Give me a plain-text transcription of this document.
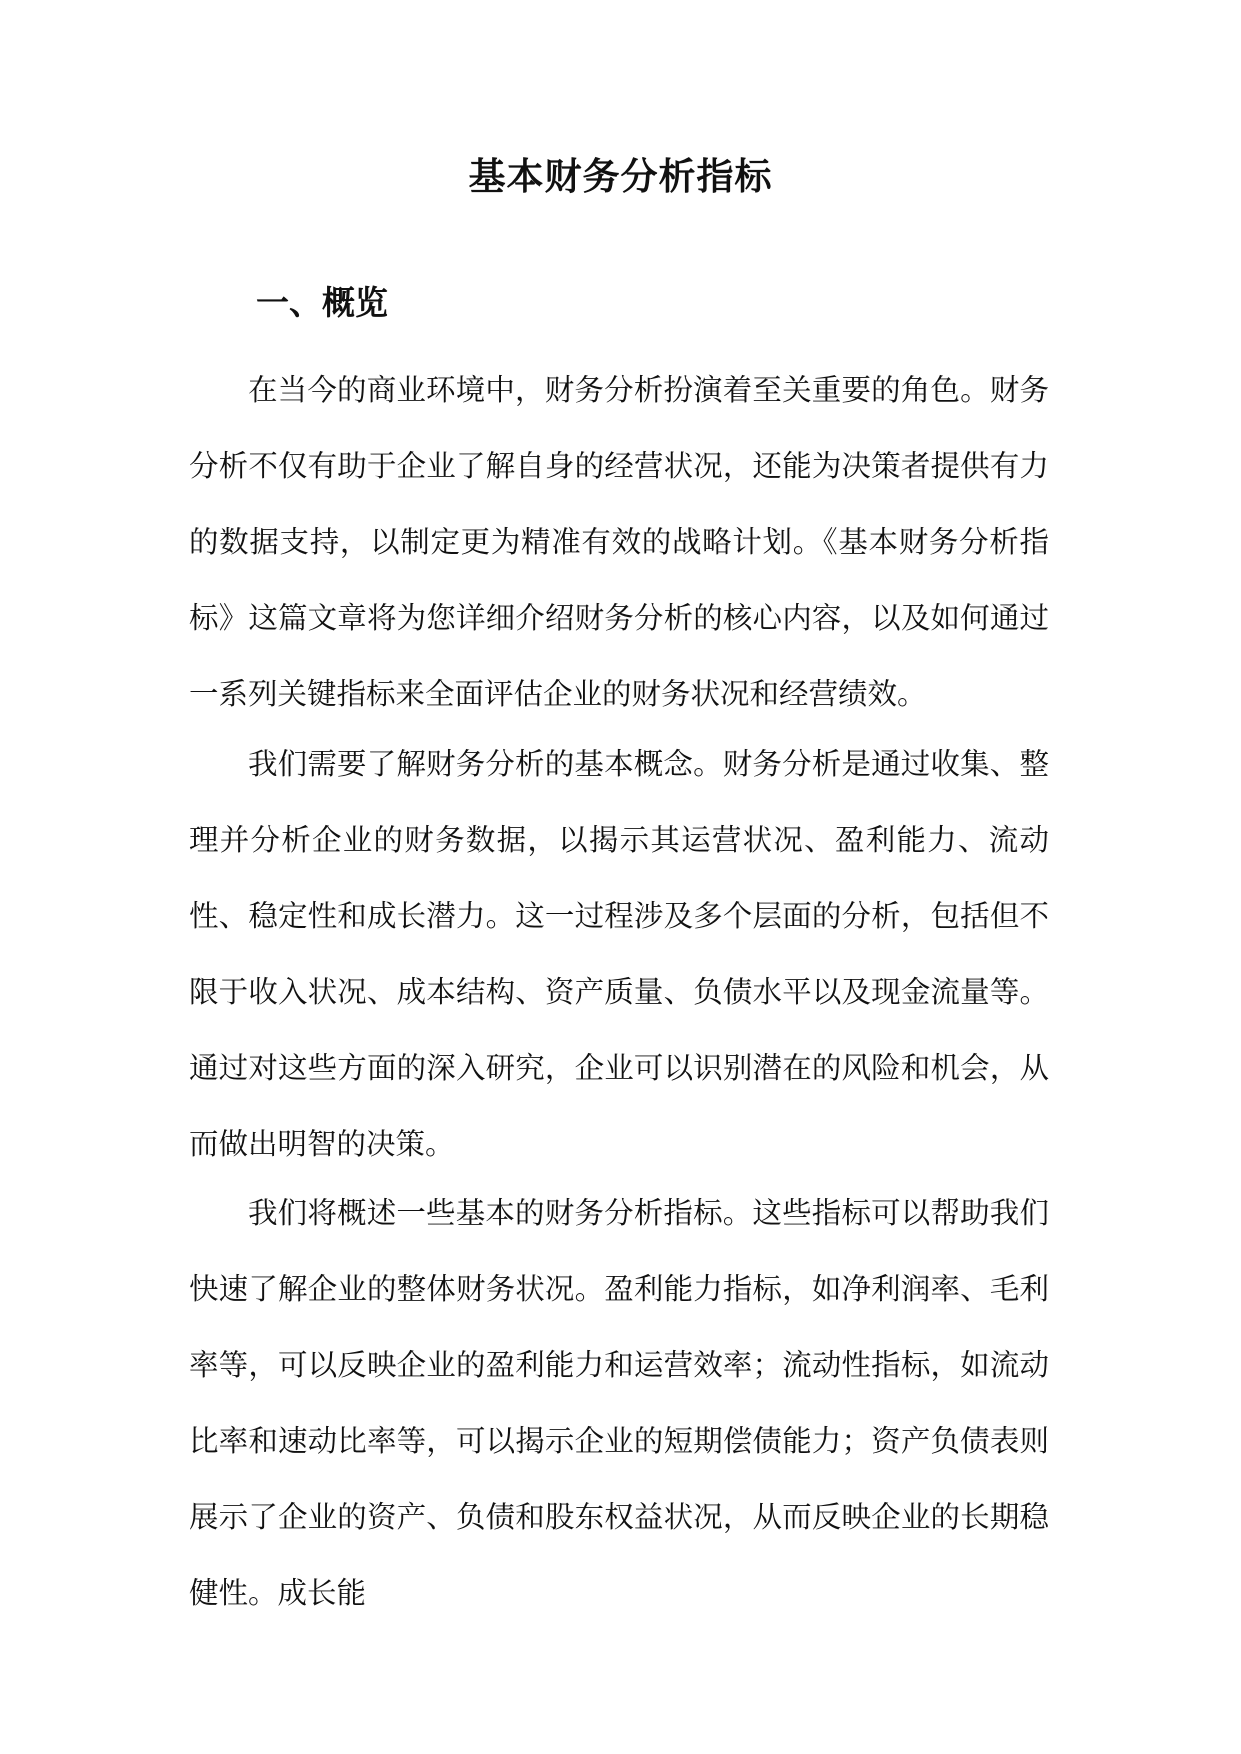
基本财务分析指标
一、概览

在当今的商业环境中，财务分析扮演着至关重要的角色。财务分析不仅有助于企业了解自身的经营状况，还能为决策者提供有力的数据支持，以制定更为精准有效的战略计划。《基本财务分析指标》这篇文章将为您详细介绍财务分析的核心内容，以及如何通过一系列关键指标来全面评估企业的财务状况和经营绩效。

我们需要了解财务分析的基本概念。财务分析是通过收集、整理并分析企业的财务数据，以揭示其运营状况、盈利能力、流动性、稳定性和成长潜力。这一过程涉及多个层面的分析，包括但不限于收入状况、成本结构、资产质量、负债水平以及现金流量等。通过对这些方面的深入研究，企业可以识别潜在的风险和机会，从而做出明智的决策。

我们将概述一些基本的财务分析指标。这些指标可以帮助我们快速了解企业的整体财务状况。盈利能力指标，如净利润率、毛利率等，可以反映企业的盈利能力和运营效率；流动性指标，如流动比率和速动比率等，可以揭示企业的短期偿债能力；资产负债表则展示了企业的资产、负债和股东权益状况，从而反映企业的长期稳健性。成长能
